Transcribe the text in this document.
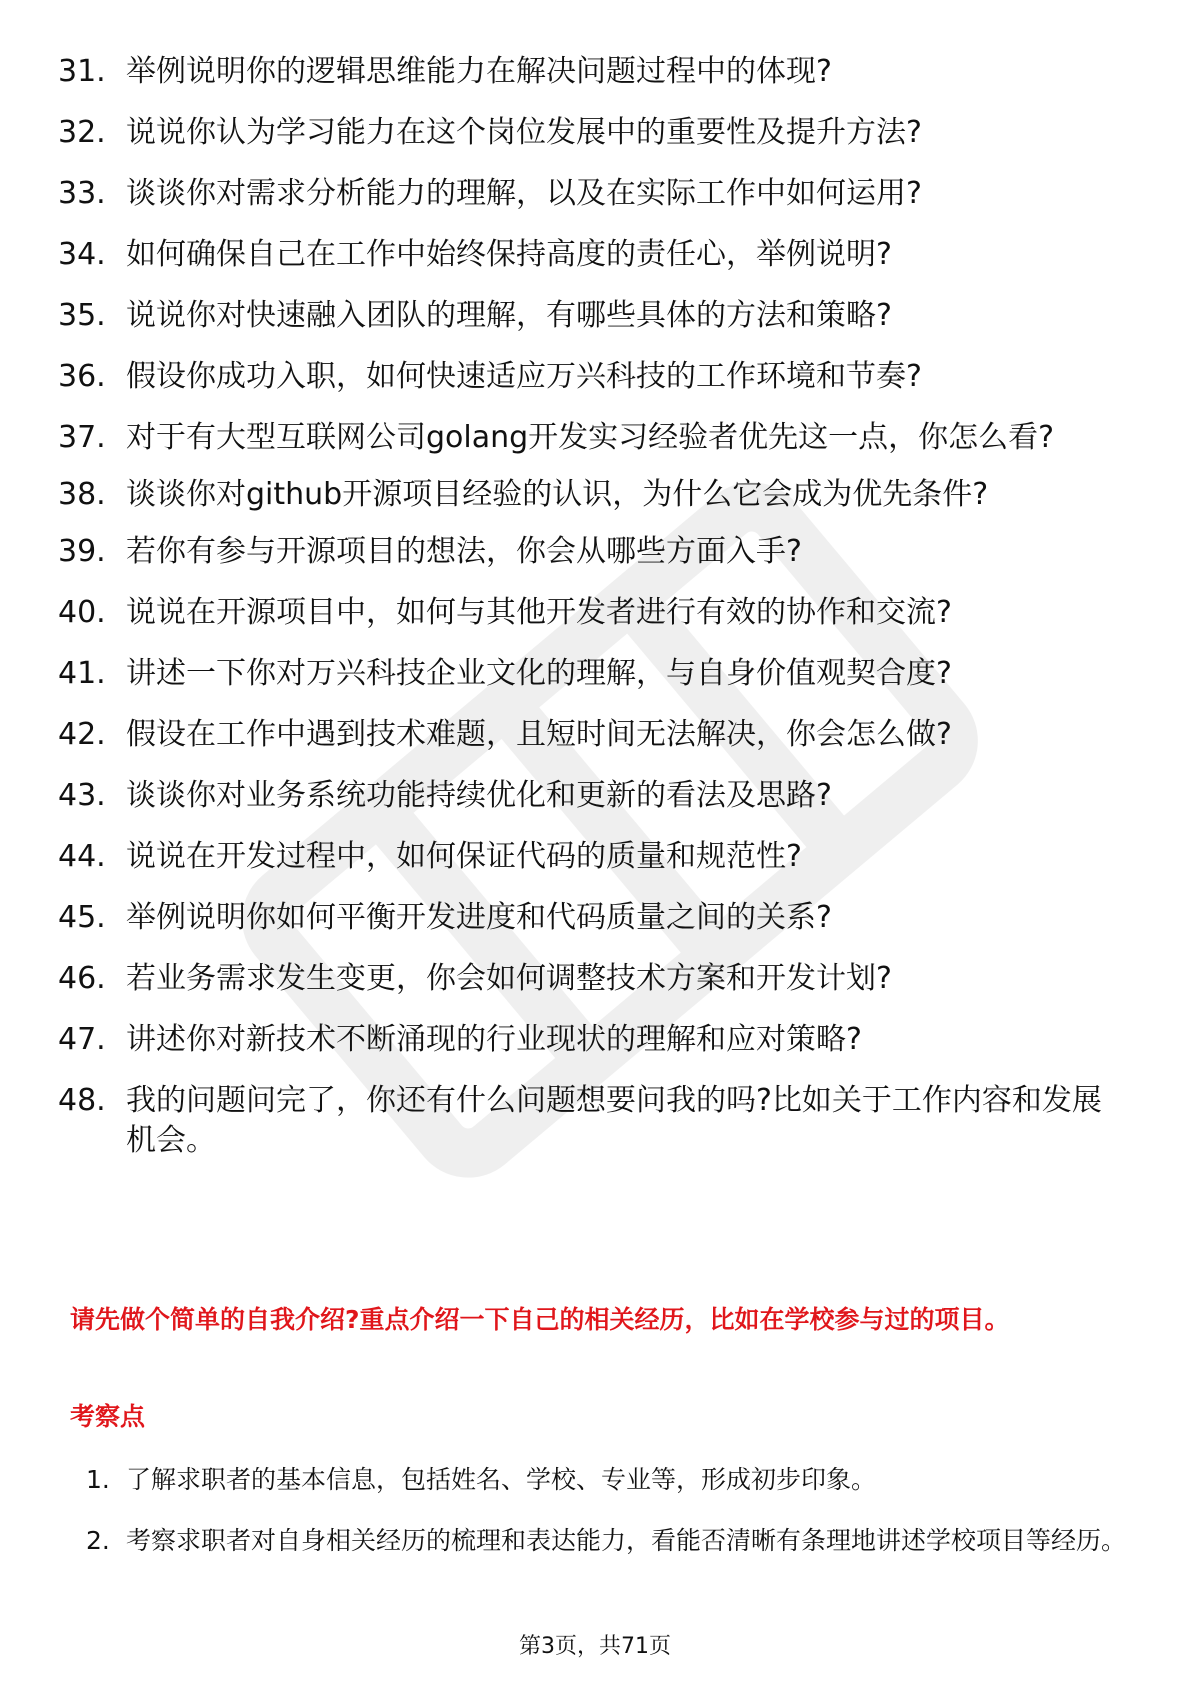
31. 举例说明你的逻辑思维能力在解决问题过程中的体现?
32. 说说你认为学习能力在这个岗位发展中的重要性及提升方法?
33. 谈谈你对需求分析能力的理解，以及在实际工作中如何运用?
34. 如何确保自己在工作中始终保持高度的责任心，举例说明?
35. 说说你对快速融入团队的理解，有哪些具体的方法和策略?
36. 假设你成功入职，如何快速适应万兴科技的工作环境和节奏?
37. 对于有大型互联网公司golang开发实习经验者优先这一点，你怎么看?
38. 谈谈你对github开源项目经验的认识，为什么它会成为优先条件?
39. 若你有参与开源项目的想法，你会从哪些方面入手?
40. 说说在开源项目中，如何与其他开发者进行有效的协作和交流?
41. 讲述一下你对万兴科技企业文化的理解，与自身价值观契合度?
42. 假设在工作中遇到技术难题，且短时间无法解决，你会怎么做?
43. 谈谈你对业务系统功能持续优化和更新的看法及思路?
44. 说说在开发过程中，如何保证代码的质量和规范性?
45. 举例说明你如何平衡开发进度和代码质量之间的关系?
46. 若业务需求发生变更，你会如何调整技术方案和开发计划?
47. 讲述你对新技术不断涌现的行业现状的理解和应对策略?
48. 我的问题问完了，你还有什么问题想要问我的吗?比如关于工作内容和发展机会。
请先做个简单的自我介绍?重点介绍一下自己的相关经历，比如在学校参与过的项目。
考察点
1. 了解求职者的基本信息，包括姓名、学校、专业等，形成初步印象。
2. 考察求职者对自身相关经历的梳理和表达能力，看能否清晰有条理地讲述学校项目等经历。
第3页，共71页
